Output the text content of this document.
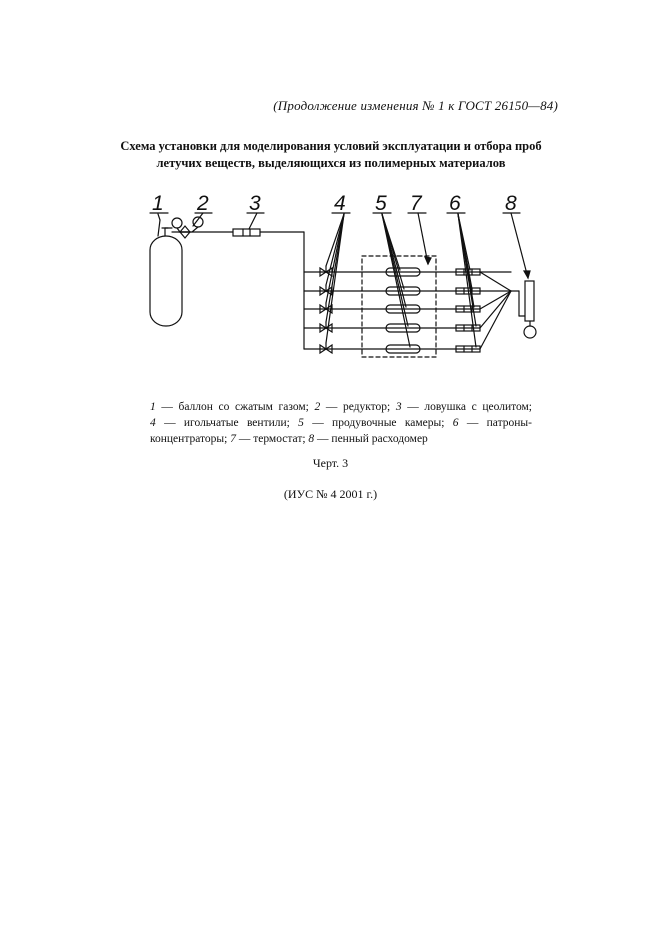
(Продолжение изменения № 1 к ГОСТ 26150—84)
Схема установки для моделирования условий эксплуатации и отбора проб
летучих веществ, выделяющихся из полимерных материалов
1 2 3	4 5 7 6 8
1 — баллон со сжатым газом; 2 — редуктор; 3 — ловушка с цеолитом;
4 — игольчатые вентили; 5 — продувочные камеры; 6 — патроны-
концентраторы; 7 — термостат; 8 — пенный расходомер
Черт. 3
(ИУС № 4 2001 г.)
